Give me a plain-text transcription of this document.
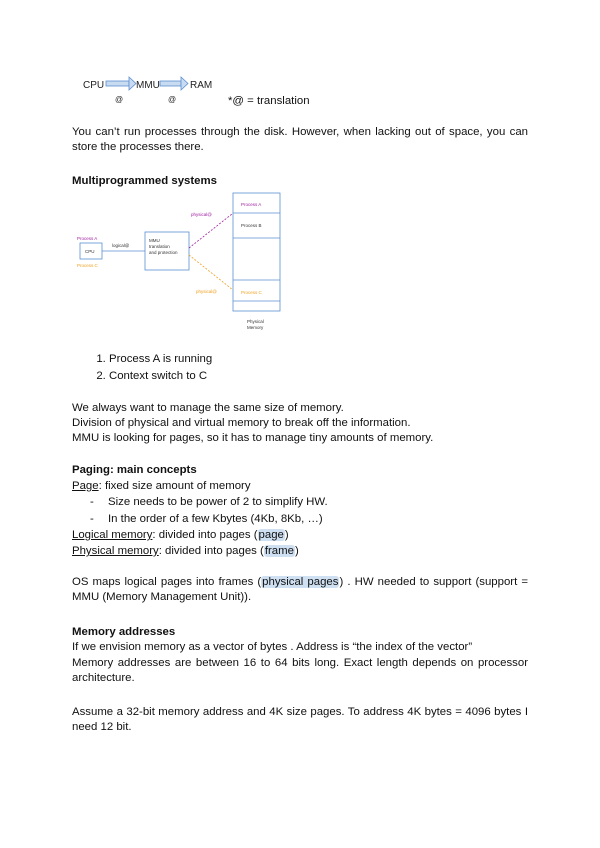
CPU	MMU	RAM
@	@	*@ = translation

You can’t run processes through the disk. However, when lacking out of space, you can store the processes there.

Multiprogrammed systems

Process A
CPU
Process C
logical@
MMU
translation
and protection
physical@
physical@
Process A
Process B
Process C
Physical
Memory
1. Process A is running
2. Context switch to C

We always want to manage the same size of memory.

Division of physical and virtual memory to break off the information.

MMU is looking for pages, so it has to manage tiny amounts of memory.

Paging: main concepts

Page: fixed size amount of memory
- Size needs to be power of 2 to simplify HW.
- In the order of a few Kbytes (4Kb, 8Kb, …)
Logical memory: divided into pages (page)
Physical memory: divided into pages (frame)

OS maps logical pages into frames (physical pages) . HW needed to support (support = MMU (Memory Management Unit)).

Memory addresses

If we envision memory as a vector of bytes . Address is “the index of the vector”

Memory addresses are between 16 to 64 bits long. Exact length depends on processor architecture.

Assume a 32-bit memory address and 4K size pages. To address 4K bytes = 4096 bytes I need 12 bit.
